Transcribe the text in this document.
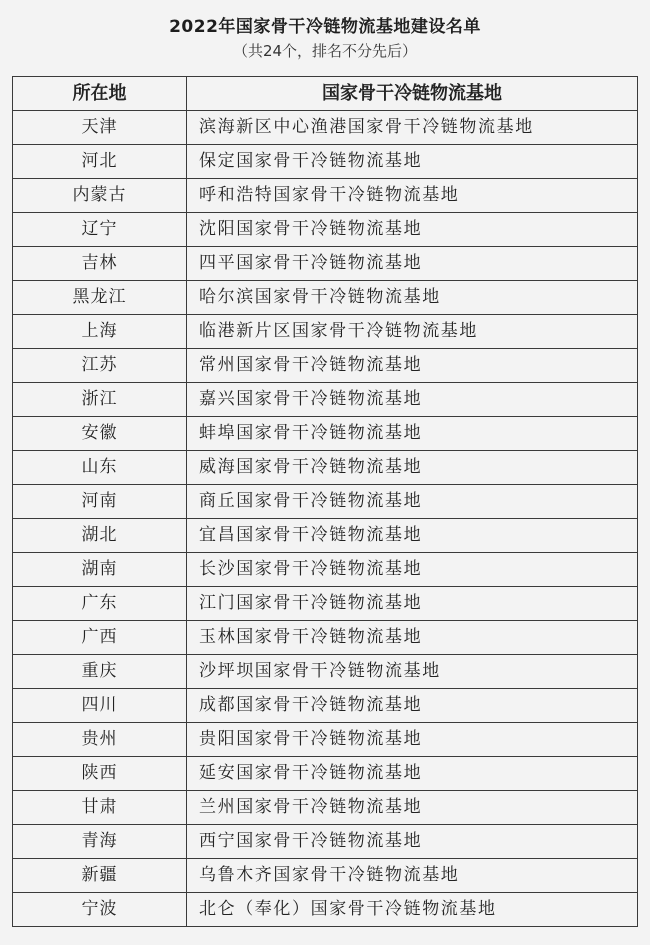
2022年国家骨干冷链物流基地建设名单
（共24个，排名不分先后）
所在地	国家骨干冷链物流基地
天津	滨海新区中心渔港国家骨干冷链物流基地
河北	保定国家骨干冷链物流基地
内蒙古	呼和浩特国家骨干冷链物流基地
辽宁	沈阳国家骨干冷链物流基地
吉林	四平国家骨干冷链物流基地
黑龙江	哈尔滨国家骨干冷链物流基地
上海	临港新片区国家骨干冷链物流基地
江苏	常州国家骨干冷链物流基地
浙江	嘉兴国家骨干冷链物流基地
安徽	蚌埠国家骨干冷链物流基地
山东	威海国家骨干冷链物流基地
河南	商丘国家骨干冷链物流基地
湖北	宜昌国家骨干冷链物流基地
湖南	长沙国家骨干冷链物流基地
广东	江门国家骨干冷链物流基地
广西	玉林国家骨干冷链物流基地
重庆	沙坪坝国家骨干冷链物流基地
四川	成都国家骨干冷链物流基地
贵州	贵阳国家骨干冷链物流基地
陕西	延安国家骨干冷链物流基地
甘肃	兰州国家骨干冷链物流基地
青海	西宁国家骨干冷链物流基地
新疆	乌鲁木齐国家骨干冷链物流基地
宁波	北仑（奉化）国家骨干冷链物流基地
